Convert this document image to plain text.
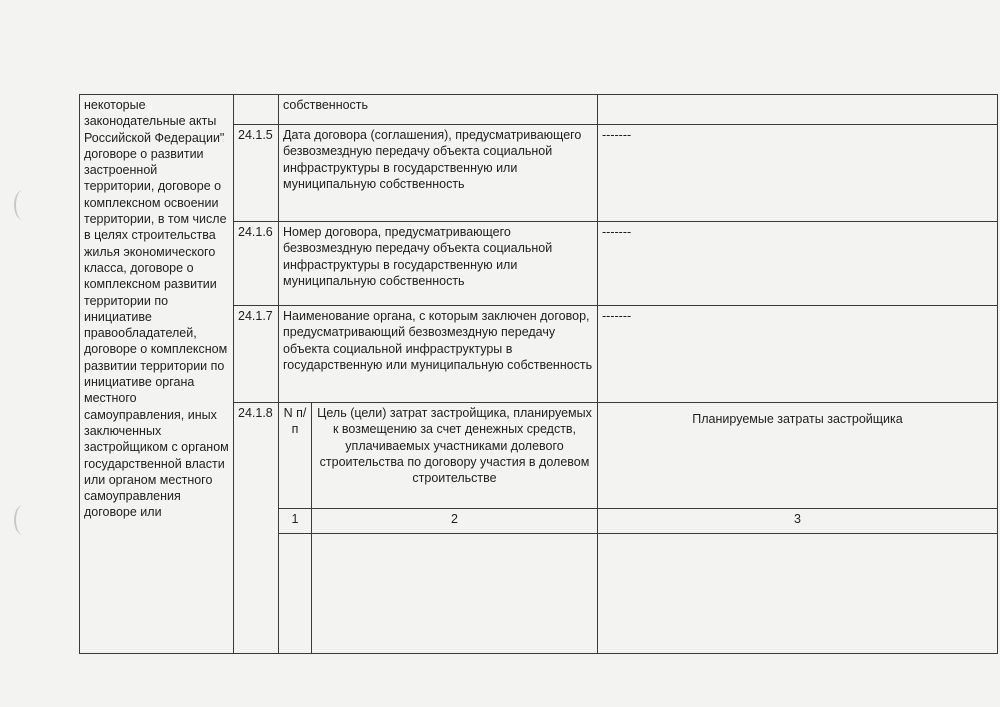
некоторые законодательные акты Российской Федерации" договоре о развитии застроенной территории, договоре о комплексном освоении территории, в том числе в целях строительства жилья экономического класса, договоре о комплексном развитии территории по инициативе правообладателей, договоре о комплексном развитии территории по инициативе органа местного самоуправления, иных заключенных застройщиком с органом государственной власти или органом местного самоуправления договоре или		собственность		
	24.1.5	Дата договора (соглашения), предусматривающего безвозмездную передачу объекта социальной инфраструктуры в государственную или муниципальную собственность		-------
	24.1.6	Номер договора, предусматривающего безвозмездную передачу объекта социальной инфраструктуры в государственную или муниципальную собственность		-------
	24.1.7	Наименование органа, с которым заключен договор, предусматривающий безвозмездную передачу объекта социальной инфраструктуры в государственную или муниципальную собственность		-------
	24.1.8	N п/п	Цель (цели) затрат застройщика, планируемых к возмещению за счет денежных средств, уплачиваемых участниками долевого строительства по договору участия в долевом строительстве	Планируемые затраты застройщика
		1	2	3
